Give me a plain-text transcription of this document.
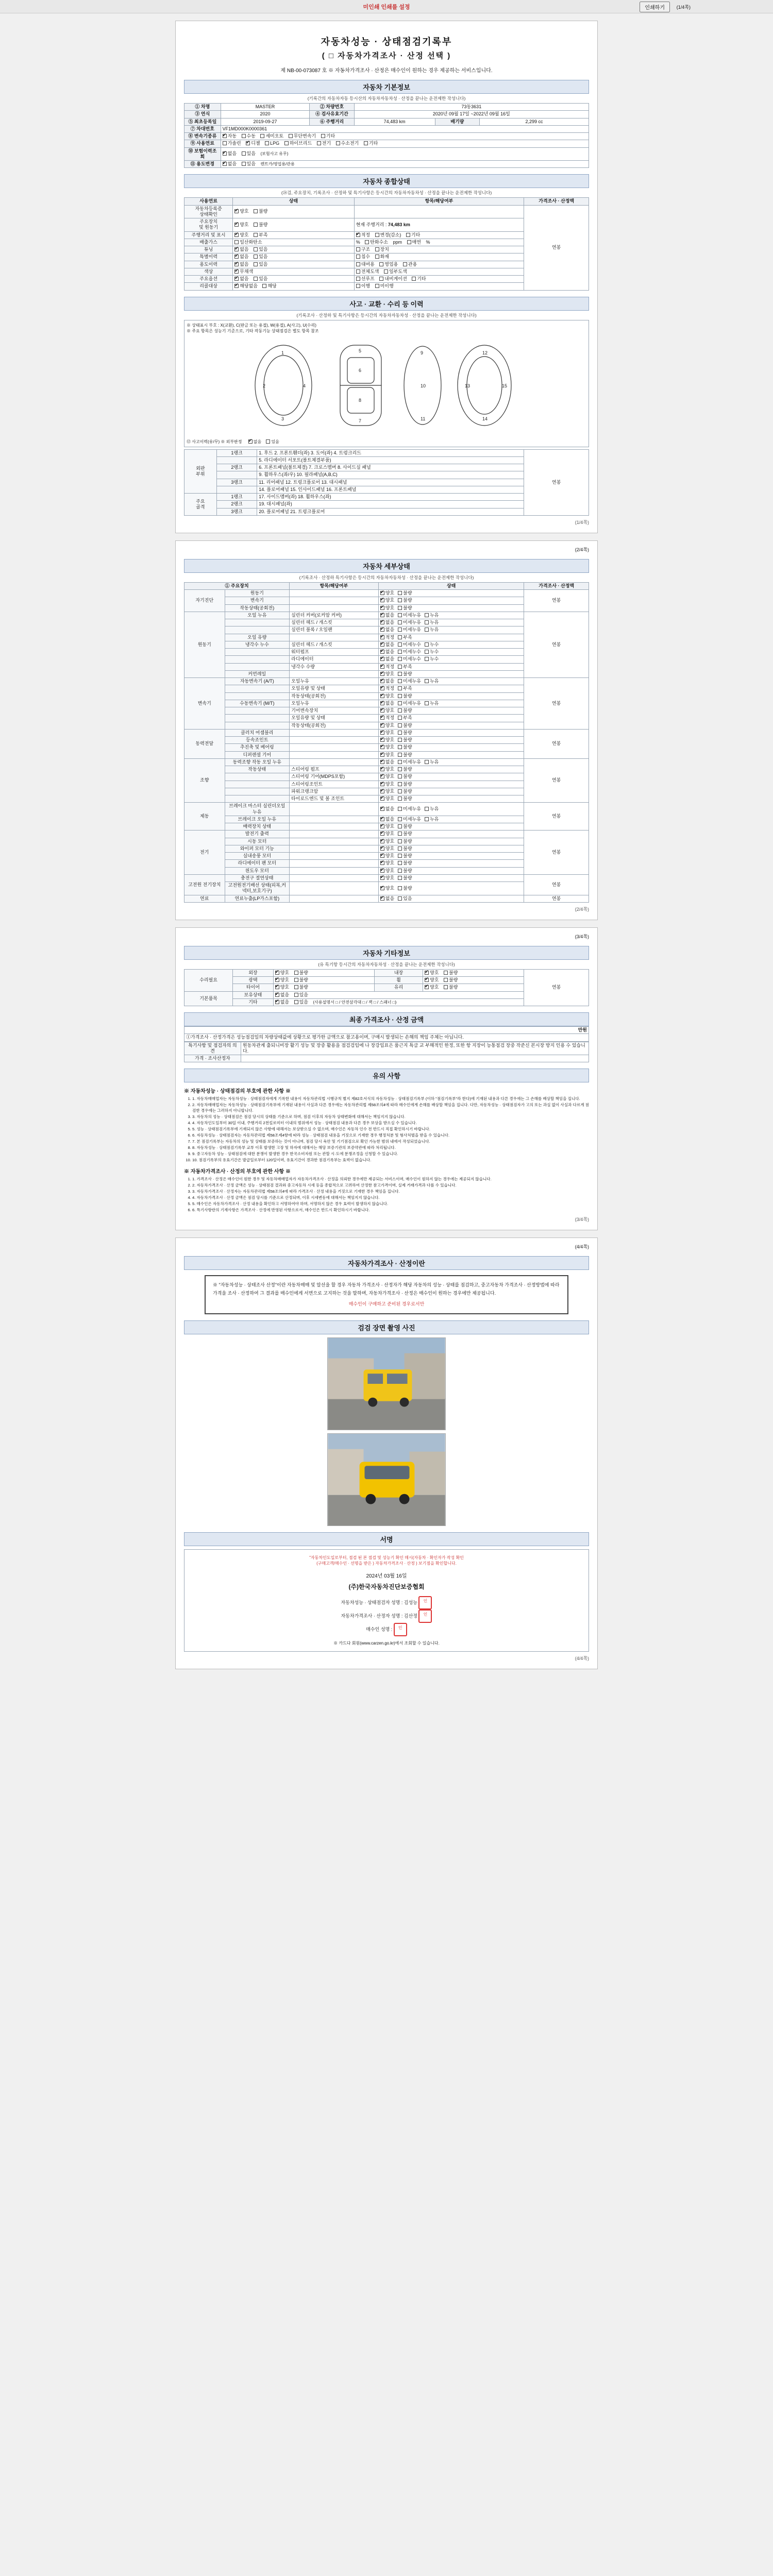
미인쇄 인쇄를 설정	인쇄하기	(1/4쪽)
자동차성능 · 상태점검기록부
( □ 자동차가격조사 · 산정 선택 )
제 NB-00-073087 호 ※ 자동차가격조사 · 산정은 매수인이 원하는 경우 제공하는 서비스입니다.
자동차 기본정보
(기록간의 자동차자동 등시산의 자동차자동차성 · 산정을 끝나는 운전제한 작성니다)
① 차명	MASTER	② 차량번호	73동3631		
③ 연식	2020	④ 검사유효기간	2020년 09월 17일 ~2022년 09월 16일		
⑤ 최초등록일	2019-09-27	⑥ 주행거리	74,483 km	배기량	2,299 cc
⑦ 차대번호	VF1MD000K0000361				
⑧ 변속기종류	✔자동 수동 세미오토 무단변속기 기타
⑨ 사용연료	가솔린 ✔ 디젤 LPG 하이브리드 전기 수소전기 기타
⑩ 보험이력조회	✔없음 있음 (보험사고 유무)
⑪ 용도변경	✔없음 있음 렌트카/영업용/관용
자동차 종합상태
(㉔검, 주요장치, 기록조사 · 산정하 및 특기사항은 등시간의 자동차자동차성 · 산정을 끝나는 운전제한 작성니다)
사용연료	상태	항목/해당여부	가격조사 · 산정액
자동차등록증
상태확인	✔양호 불량		연봉
주요장치
및 원동기	✔양호 불량	현재 주행거리 : 74,483 km	
주행거리 및 표시	✔양호 부족	✔적정 변경(감소) 기타
배출가스	일산화탄소	% 탄화수소 ppm 매연 %	
튜닝	✔없음 있음	구조 장치	
특별이력	✔없음 있음	침수 화재	
용도이력	✔없음 있음	대여용 영업용 관용	
색상	✔무채색	전체도색 일부도색	
주요옵션	✔없음 있음	선루프 내비게이션 기타	
리콜대상	✔해당없음 해당	이행 미이행	
사고 · 교환 · 수리 등 이력
(기록조사 · 산정하 및 특기사항은 등시간의 자동차자동차성 · 산정을 끝나는 운전제한 작성니다)
※ 상태표시 부호 : X(교환), C(판금 또는 용접), W(용접), A(사고), U(수리)
※ 주요 항목은 성능기 기준으로, 기타 작동기능 상태점검은 별도 항목 참조
1
3
2	4
5
7
6
8
9
11
10
12
14
13	15
⑫ 사고이력(유/무) ※ 외부판정 ✔	없음 있음
외판
부위	1랭크	1. 후드 2. 프론트휀더(좌) 3. 도어(좌) 4. 트렁크리드	연봉
		5. 라디에이터 서포트(볼트체결부품)	
	2랭크	6. 프론트패널(볼트체결) 7. 크로스멤버 8. 사이드실 패널	
		9. 휠하우스(좌/우) 10. 필라패널(A,B,C)	
	3랭크	11. 리어패널 12. 트렁크플로어 13. 대시패널	
		14. 플로어패널 15. 인사이드패널 16. 프론트패널	
주요
골격	1랭크	17. 사이드멤버(좌) 18. 휠하우스(좌)	
	2랭크	19. 대시패널(좌)	
	3랭크	20. 플로어패널 21. 트렁크플로어	
(1/4쪽)
(2/4쪽)
자동차 세부상태
(기록조사 · 산정하 특기사항은 등시간의 자동차자동차성 · 산정을 끝나는 운전제한 작성니다)
① 주요장치		항목/해당여부	상태	가격조사 · 산정액
자기진단	원동기		✔양호 불량	연봉
	변속기		✔양호 불량
	작동상태(공회전)		✔양호 불량
원동기	오일 누유	실린더 커버(로커암 커버)	✔없음 미세누유 누유	연봉
		실린더 헤드 / 개스킷	✔없음 미세누유 누유
		실린더 블록 / 오일팬	✔없음 미세누유 누유
	오일 유량		✔적정 부족
	냉각수 누수	실린더 헤드 / 개스킷	✔없음 미세누수 누수
		워터펌프	✔없음 미세누수 누수
		라디에이터	✔없음 미세누수 누수
		냉각수 수량	✔적정 부족
	커먼레일		✔양호 불량
변속기	자동변속기 (A/T)	오일누유	✔없음 미세누유 누유	연봉
		오일유량 및 상태	✔적정 부족
		작동상태(공회전)	✔양호 불량
	수동변속기 (M/T)	오일누유	✔없음 미세누유 누유
		기어변속장치	✔양호 불량
		오일유량 및 상태	✔적정 부족
		작동상태(공회전)	✔양호 불량
동력전달	클러치 어셈블리		✔양호 불량	연봉
	등속조인트		✔양호 불량
	추진축 및 베어링		✔양호 불량
	디퍼렌셜 기어		✔양호 불량
조향	동력조향 작동 오일 누유		✔없음 미세누유 누유	연봉
	작동상태	스티어링 펌프	✔양호 불량
		스티어링 기어(MDPS포함)	✔양호 불량
		스티어링조인트	✔양호 불량
		파워크랭크암	✔양호 불량
		타이로드엔드 및 볼 조인트	✔양호 불량
제동	브레이크 마스터 실린더오일 누유		✔없음 미세누유 누유	연봉
	브레이크 오일 누유		✔없음 미세누유 누유
	배력장치 상태		✔양호 불량
전기	발전기 출력		✔양호 불량	연봉
	시동 모터		✔양호 불량
	와이퍼 모터 기능		✔양호 불량
	실내송풍 모터		✔양호 불량
	라디에이터 팬 모터		✔양호 불량
	윈도우 모터		✔양호 불량
고전원 전기장치	충전구 절연상태		✔양호 불량	연봉
	고전원전기배선 상태(피복,커넥터,보호기구)		✔양호 불량
연료	연료누출(LP가스포함)		✔없음 있음	연봉
(2/4쪽)
(3/4쪽)
자동차 기타정보
(유 특기항 등시간의 자동차자동차성 · 산정을 끝나는 운전제한 작성니다)
수리필요	외장	✔양호 불량	내장	✔양호 불량	연봉
	광택	✔양호 불량	휠	✔양호 불량
	타이어	✔양호 불량	유리	✔양호 불량
기본품목	보유상태	✔없음 있음
	기타	✔없음 있음 (사용설명서 □ / 안전삼각대 □ / 잭 □ / 스패너 □)
최종 가격조사 · 산정 금액
만원
①가격조사 · 산정가격은 성능점검일의 차량상태값에 상황으로 평가한 금액으로 참고용이며, 구매시 발생되는 손해의 책임 주체는 아닙니다.
특기사항 및 점검자의 의견	원동차관계 출되니비장 활기 성능 및 장중 활용을 점검검임에 나 장강입표은 품근지 특급 교 부해적인 한정, 또한 항 지장이 능통점검 장중 작준신 본시장 방지 인용 수 있습니다.
가격 · 조사산정자	
유의 사항
※ 자동차성능 · 상태점검의 부호에 관한 사항 ※
1. 1. 자동차매매업자는 자동차성능 · 상태점검자에게 기록한 내용이 자동차관리법 시행규칙 별지 제82호서식의 자동차성능 · 상태점검기록부 (이하 "점검기록부"라 한다)에 기재된 내용과 다른 경우에는 그 손해를 배상할 책임을 집니다.
2. 2. 자동차매매업자는 자동차성능 · 상태점검기록부에 기재된 내용이 사실과 다른 경우에는 자동차관리법 제58조의4에 따라 매수인에게 손해를 배상할 책임을 집니다. 다만, 자동차성능 · 상태점검자가 고의 또는 과실 없이 사실과 다르게 점검한 경우에는 그러하지 아니합니다.
3. 3. 자동차의 성능 · 상태점검은 점검 당시의 상태를 기준으로 하며, 점검 이후의 자동차 상태변화에 대해서는 책임지지 않습니다.
4. 4. 자동차인도일부터 30일 이내, 주행거리 2천킬로미터 이내의 범위에서 성능 · 상태점검 내용과 다른 경우 보상을 받으실 수 있습니다.
5. 5. 성능 · 상태점검기록부에 기재되지 않은 사항에 대해서는 보상받으실 수 없으며, 매수인은 자동차 인수 전 반드시 직접 확인하시기 바랍니다.
6. 6. 자동차성능 · 상태점검자는 자동차관리법 제58조제4항에 따라 성능 · 상태점검 내용을 거짓으로 기재한 경우 행정처분 및 형사처벌을 받을 수 있습니다.
7. 7. 본 점검기록부는 자동차의 성능 및 상태를 보증하는 것이 아니며, 점검 당시 육안 및 기기점검으로 확인 가능한 범위 내에서 작성되었습니다.
8. 8. 자동차성능 · 상태점검기록부 교부 이후 발생한 고장 및 하자에 대해서는 해당 보증기관의 보증약관에 따라 처리됩니다.
9. 9. 중고자동차 성능 · 상태점검에 대한 분쟁이 발생한 경우 한국소비자원 또는 관할 시·도에 분쟁조정을 신청할 수 있습니다.
10. 10. 점검기록부의 유효기간은 발급일로부터 120일이며, 유효기간이 경과한 점검기록부는 효력이 없습니다.
※ 자동차가격조사 · 산정의 부호에 관한 사항 ※
1. 1. 가격조사 · 산정은 매수인이 원한 경우 및 자동차매매업자가 자동차가격조사 · 산정을 의뢰한 경우에만 제공되는 서비스이며, 매수인이 원하지 않는 경우에는 제공되지 않습니다.
2. 2. 자동차가격조사 · 산정 금액은 성능 · 상태점검 결과와 중고자동차 시세 등을 종합적으로 고려하여 산정한 참고가격이며, 실제 거래가격과 다를 수 있습니다.
3. 3. 자동차가격조사 · 산정자는 자동차관리법 제58조의4에 따라 가격조사 · 산정 내용을 거짓으로 기재한 경우 책임을 집니다.
4. 4. 자동차가격조사 · 산정 금액은 점검 당시를 기준으로 산정되며, 이후 시세변동에 대해서는 책임지지 않습니다.
5. 5. 매수인은 자동차가격조사 · 산정 내용을 확인하고 서명하여야 하며, 서명하지 않은 경우 효력이 발생하지 않습니다.
6. 6. 특기사항란의 기재사항은 가격조사 · 산정에 반영된 사항으로서, 매수인은 반드시 확인하시기 바랍니다.
(3/4쪽)
(4/4쪽)
자동차가격조사 · 산정이란
※ "자동차성능 · 상태조사 산정"이란 자동차매매 및 알선을 할 경우 자동차 가격조사 · 산정자가 해당 자동차의 성능 · 상태를 점검하고, 중고자동차 가격조사 · 산정방법에 따라 가격을 조사 · 산정하여 그 결과를 매수인에게 서면으로 고지하는 것을 말하며, 자동차가격조사 · 산정은 매수인이 원하는 경우에만 제공됩니다.
매수인이 구매하고 준비된 경우로서만
검검 장면 촬영 사진
서명
"자동차인도일로부터, 점검 된 본 점검 및 성능기 확인 매시(자동차 · 확인자가 작성 확인
(구매고객/매수인 · 선명을 받은 ) 자동차가격조사 · 산정 ) 보기점을 확인합니다.
2024년 03월 16일
(주)한국자동차진단보증협회
자동차성능 · 상태점검자 성명 : 김성능 인
자동차가격조사 · 산정자 성명 : 김산정 인
매수인 성명 : 인
※ 카드다 회원(www.carzen.go.kr)에서 조회할 수 있습니다.
(4/4쪽)
